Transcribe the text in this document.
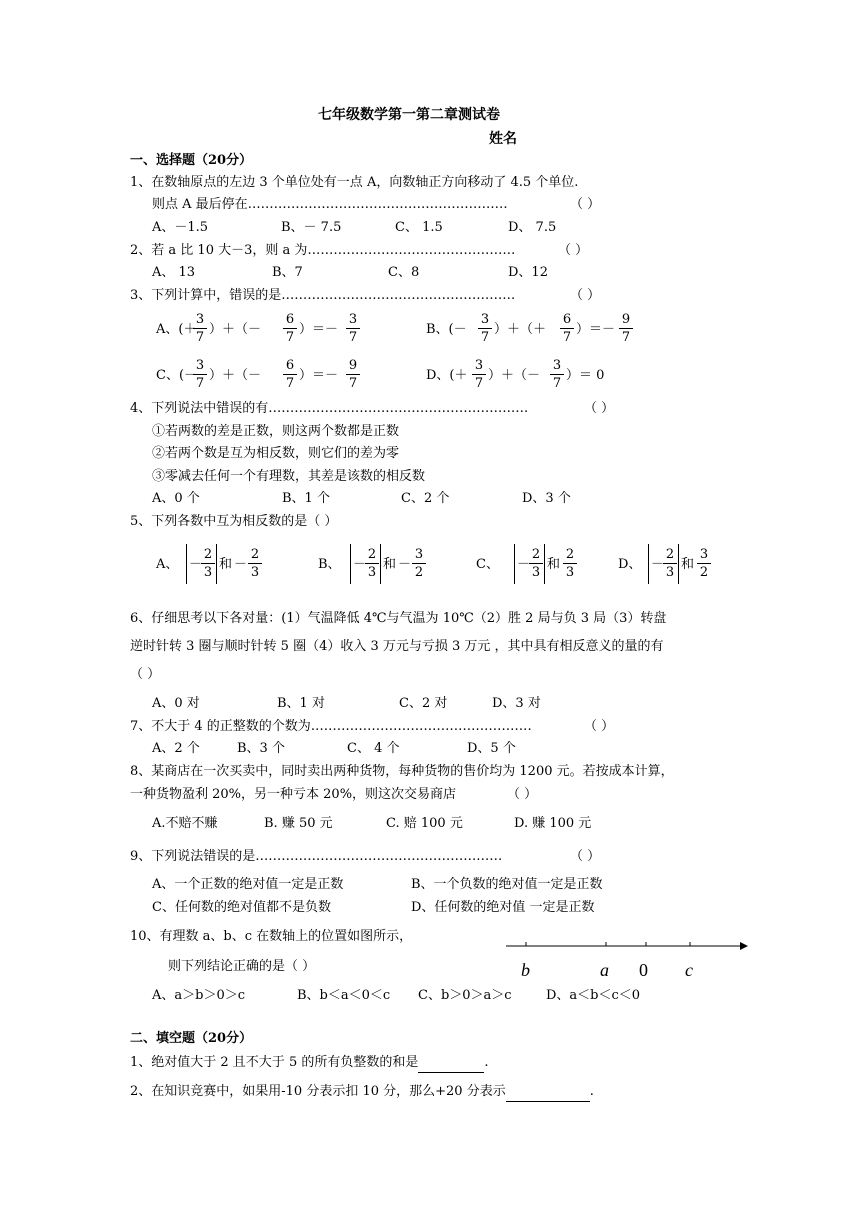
七年级数学第一第二章测试卷
姓名
一、选择题（20分）
1、在数轴原点的左边 3 个单位处有一点 A，向数轴正方向移动了 4.5 个单位.
则点 A 最后停在……………………………………………………	（ ）
A、－1.5	B、－ 7.5	C、 1.5	D、 7.5
2、若 a 比 10 大－3，则 a 为…………………………………………	（ ）
A、 13	B、7	C、8	D、12
3、下列计算中，错误的是………………………………………………	（ ）
A、(＋
3
7
）＋（－
6
7
）＝－
3
7
B、(－
3
7
）＋（＋
6
7
）＝－
9
7
C、(－
3
7
）＋（－
6
7
）＝－
9
7
D、(＋
3
7
）＋（－
3
7
）＝ 0
4、下列说法中错误的有……………………………………………………	（ ）
①若两数的差是正数，则这两个数都是正数
②若两个数是互为相反数，则它们的差为零
③零减去任何一个有理数，其差是该数的相反数
A、0 个	B、1 个	C、2 个	D、3 个
5、下列各数中互为相反数的是（ ）
A、 －
2
3
和 －
2
3
B、 －
2
3
和 －
3
2
C、 －
2
3
和
2
3
D、 －
2
3
和
3
2
6、仔细思考以下各对量：(1）气温降低 4℃与气温为 10℃（2）胜 2 局与负 3 局（3）转盘
逆时针转 3 圈与顺时针转 5 圈（4）收入 3 万元与亏损 3 万元 ，其中具有相反意义的量的有
（ ）
A、0 对	B、1 对	C、2 对	D、3 对
7、不大于 4 的正整数的个数为……………………………………………	（ ）
A、2 个	B、3 个	C、 4 个	D、5 个
8、某商店在一次买卖中，同时卖出两种货物，每种货物的售价均为 1200 元。若按成本计算，
一种货物盈利 20%，另一种亏本 20%，则这次交易商店	（ ）
A.不赔不赚	B. 赚 50 元	C. 赔 100 元	D. 赚 100 元
9、下列说法错误的是…………………………………………………	（ ）
A、一个正数的绝对值一定是正数	B、一个负数的绝对值一定是正数
C、任何数的绝对值都不是负数	D、任何数的绝对值 一定是正数
10、有理数 a、b、c 在数轴上的位置如图所示，
则下列结论正确的是（ ）
A、a＞b＞0＞c	B、b＜a＜0＜c C、b＞0＞a＞c	D、a＜b＜c＜0
b	a 0 c
二、填空题（20分）
1、绝对值大于 2 且不大于 5 的所有负整数的和是	.
2、在知识竞赛中，如果用-10 分表示扣 10 分，那么+20 分表示	.
